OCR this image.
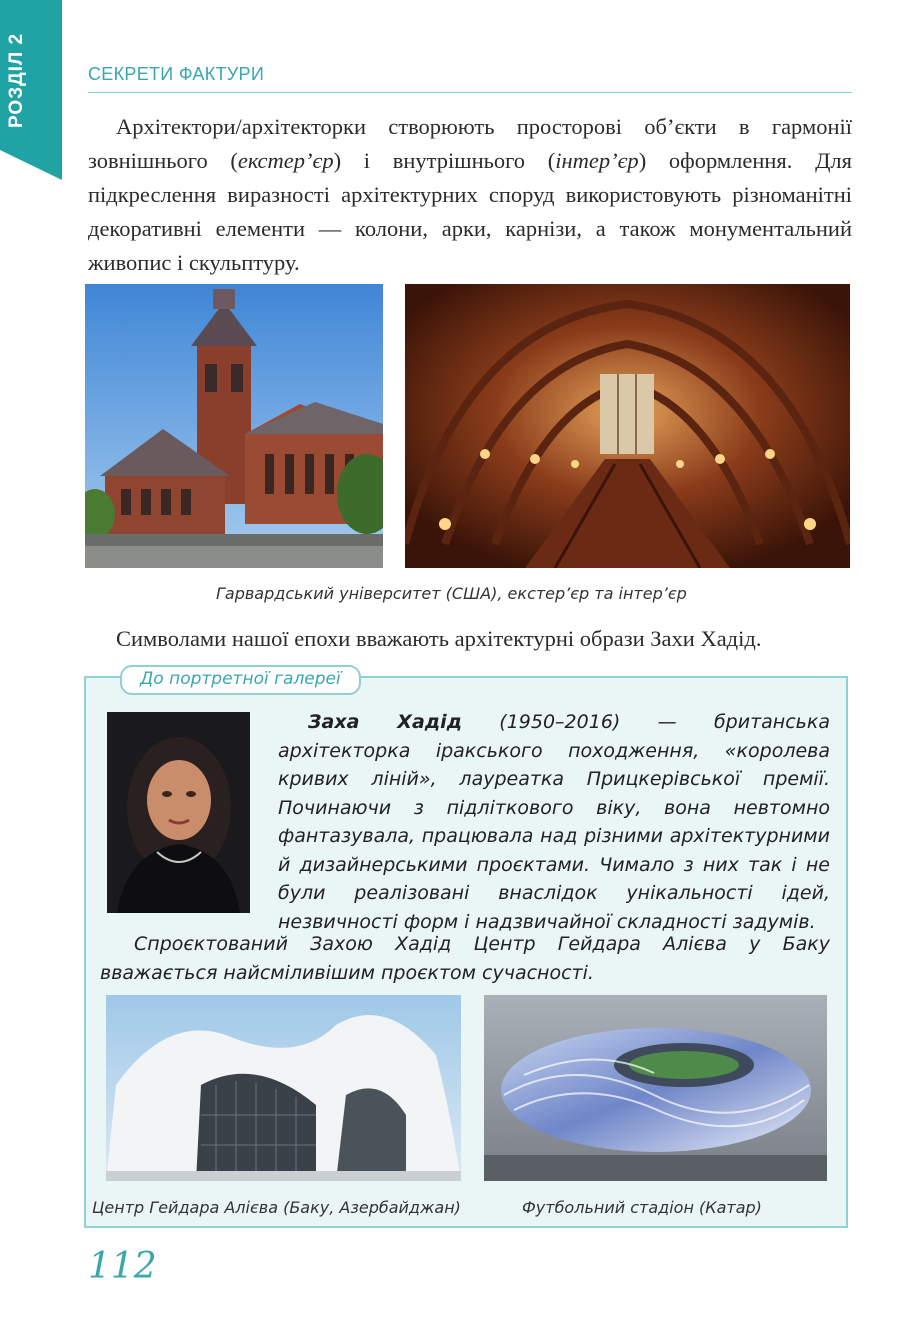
РОЗДІЛ 2	СЕКРЕТИ ФАКТУРИ
Архітектори/архітекторки створюють просторові об’єкти в гармонії зовнішнього (екстер’єр) і внутрішнього (інтер’єр) оформлення. Для підкреслення виразності архітектурних споруд використовують різноманітні декоративні елементи — колони, арки, карнізи, а також монументальний живопис і скульптуру.
Гарвардський університет (США), екстер’єр та інтер’єр
Символами нашої епохи вважають архітектурні образи Захи Хадід.
До портретної галереї
Заха Хадід (1950–2016) — британська архітекторка іракського походження, «королева кривих ліній», лауреатка Прицкерівської премії. Починаючи з підліткового віку, вона невтомно фантазувала, працювала над різними архітектурними й дизайнерськими проєктами. Чимало з них так і не були реалізовані внаслідок унікальності ідей, незвичності форм і надзвичайної складності задумів.
Спроєктований Захою Хадід Центр Гейдара Алієва у Баку вважається найсміливішим проєктом сучасності.
Центр Гейдара Алієва (Баку, Азербайджан)	Футбольний стадіон (Катар)
112
